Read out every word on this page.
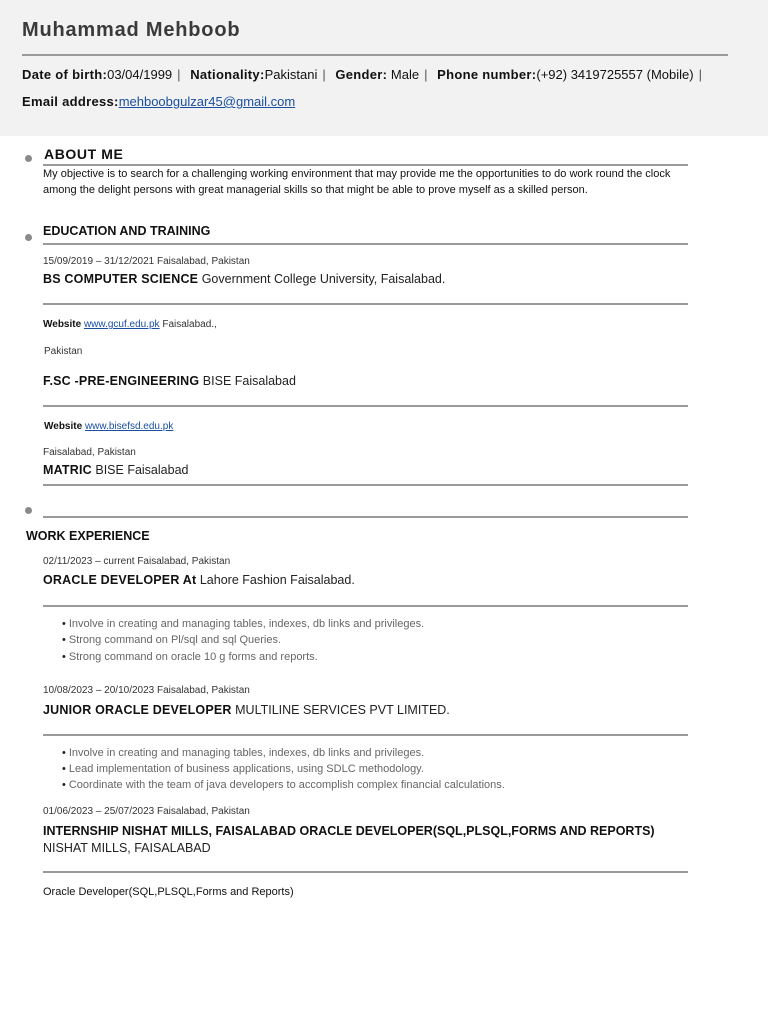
Muhammad Mehboob
Date of birth:03/04/1999 | Nationality:Pakistani | Gender: Male | Phone number:(+92) 3419725557 (Mobile) |
Email address:mehboobgulzar45@gmail.com
ABOUT ME
My objective is to search for a challenging working environment that may provide me the opportunities to do work round the clock among the delight persons with great managerial skills so that might be able to prove myself as a skilled person.
EDUCATION AND TRAINING
15/09/2019 – 31/12/2021 Faisalabad, Pakistan
BS COMPUTER SCIENCE Government College University, Faisalabad.
Website www.gcuf.edu.pk Faisalabad.,
Pakistan
F.SC -PRE-ENGINEERING BISE Faisalabad
Website www.bisefsd.edu.pk
Faisalabad, Pakistan
MATRIC BISE Faisalabad
WORK EXPERIENCE
02/11/2023 – current Faisalabad, Pakistan
ORACLE DEVELOPER At Lahore Fashion Faisalabad.
• Involve in creating and managing tables, indexes, db links and privileges.
• Strong command on Pl/sql and sql Queries.
• Strong command on oracle 10 g forms and reports.
10/08/2023 – 20/10/2023 Faisalabad, Pakistan
JUNIOR ORACLE DEVELOPER MULTILINE SERVICES PVT LIMITED.
• Involve in creating and managing tables, indexes, db links and privileges.
• Lead implementation of business applications, using SDLC methodology.
• Coordinate with the team of java developers to accomplish complex financial calculations.
01/06/2023 – 25/07/2023 Faisalabad, Pakistan
INTERNSHIP NISHAT MILLS, FAISALABAD ORACLE DEVELOPER(SQL,PLSQL,FORMS AND REPORTS) NISHAT MILLS, FAISALABAD
Oracle Developer(SQL,PLSQL,Forms and Reports)
